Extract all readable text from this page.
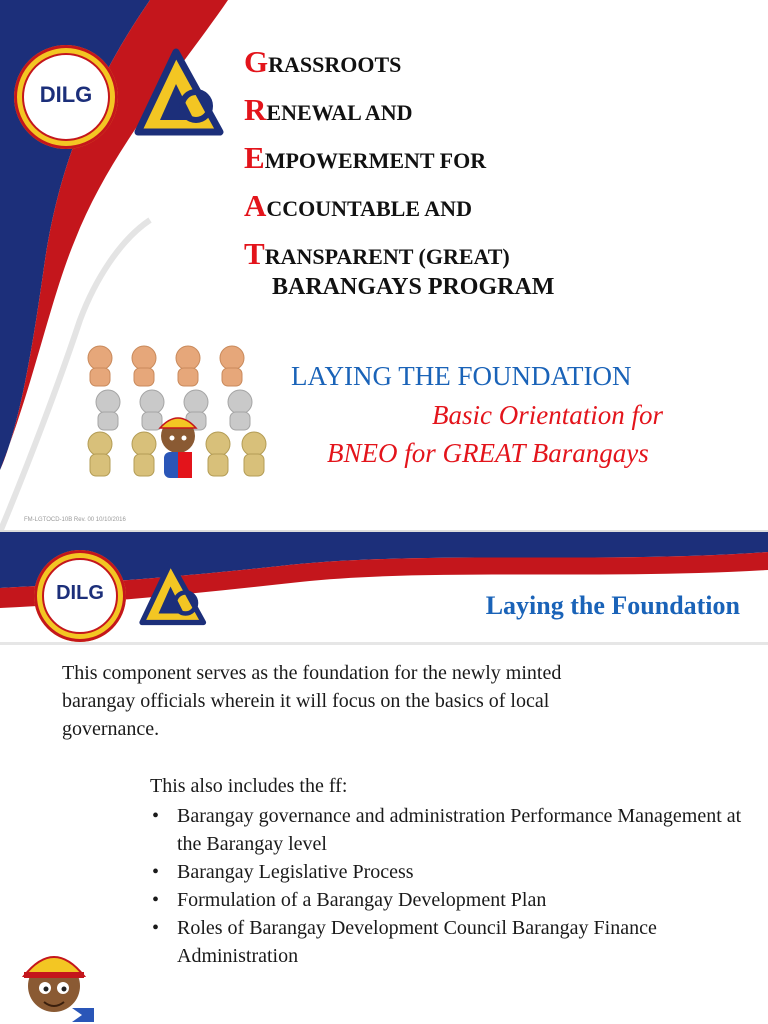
DILG
GRASSROOTS
RENEWAL AND
EMPOWERMENT FOR
ACCOUNTABLE AND
TRANSPARENT (GREAT)
BARANGAYS PROGRAM
LAYING THE FOUNDATION
Basic Orientation for
BNEO for GREAT Barangays
FM-LGTOCD-10B Rev. 00 10/10/2016
DILG	Laying the Foundation
This component serves as the foundation for the newly minted
barangay officials wherein it will focus on the basics of local
governance.
This also includes the ff:
• Barangay governance and administration Performance Management at the Barangay level
• Barangay Legislative Process
• Formulation of a Barangay Development Plan
• Roles of Barangay Development Council Barangay Finance Administration
